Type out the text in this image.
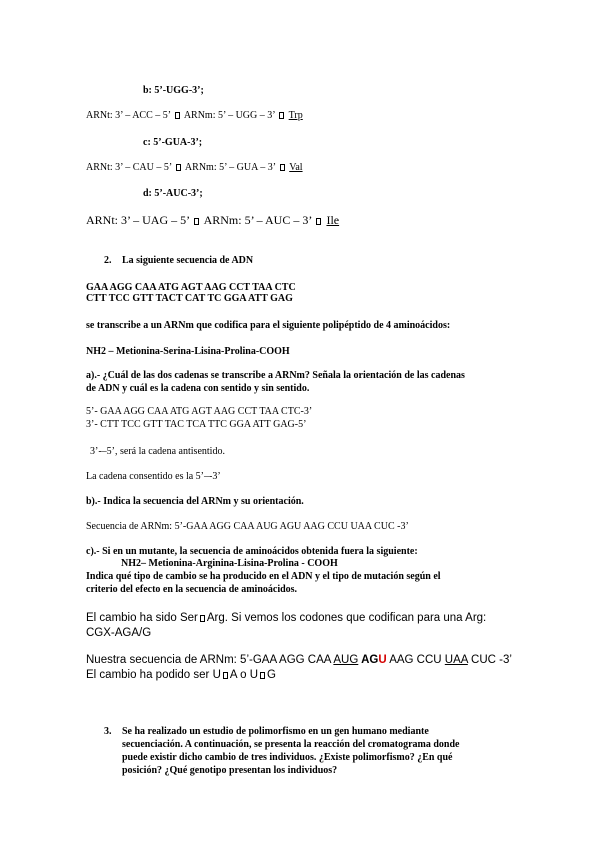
b: 5’-UGG-3’;
ARNt: 3’ – ACC – 5’ ARNm: 5’ – UGG – 3’ Trp
c: 5’-GUA-3’;
ARNt: 3’ – CAU – 5’ ARNm: 5’ – GUA – 3’ Val
d: 5’-AUC-3’;
ARNt: 3’ – UAG – 5’ ARNm: 5’ – AUC – 3’ Ile
2. La siguiente secuencia de ADN
GAA AGG CAA ATG AGT AAG CCT TAA CTC
CTT TCC GTT TACT CAT TC GGA ATT GAG
se transcribe a un ARNm que codifica para el siguiente polipéptido de 4 aminoácidos:
NH2 – Metionina-Serina-Lisina-Prolina-COOH
a).- ¿Cuál de las dos cadenas se transcribe a ARNm? Señala la orientación de las cadenas
de ADN y cuál es la cadena con sentido y sin sentido.
5’- GAA AGG CAA ATG AGT AAG CCT TAA CTC-3’
3’- CTT TCC GTT TAC TCA TTC GGA ATT GAG-5’
3’-–5’, será la cadena antisentido.
La cadena consentido es la 5’–-3’
b).- Indica la secuencia del ARNm y su orientación.
Secuencia de ARNm: 5’-GAA AGG CAA AUG AGU AAG CCU UAA CUC -3’
c).- Si en un mutante, la secuencia de aminoácidos obtenida fuera la siguiente:
NH2– Metionina-Arginina-Lisina-Prolina - COOH
Indica qué tipo de cambio se ha producido en el ADN y el tipo de mutación según el
criterio del efecto en la secuencia de aminoácidos.
El cambio ha sido Ser Arg. Si vemos los codones que codifican para una Arg:
CGX-AGA/G
Nuestra secuencia de ARNm: 5’-GAA AGG CAA AUG AGU AAG CCU UAA CUC -3’
El cambio ha podido ser U A o U G
3. Se ha realizado un estudio de polimorfismo en un gen humano mediante
secuenciación. A continuación, se presenta la reacción del cromatograma donde
puede existir dicho cambio de tres individuos. ¿Existe polimorfismo? ¿En qué
posición? ¿Qué genotipo presentan los individuos?
